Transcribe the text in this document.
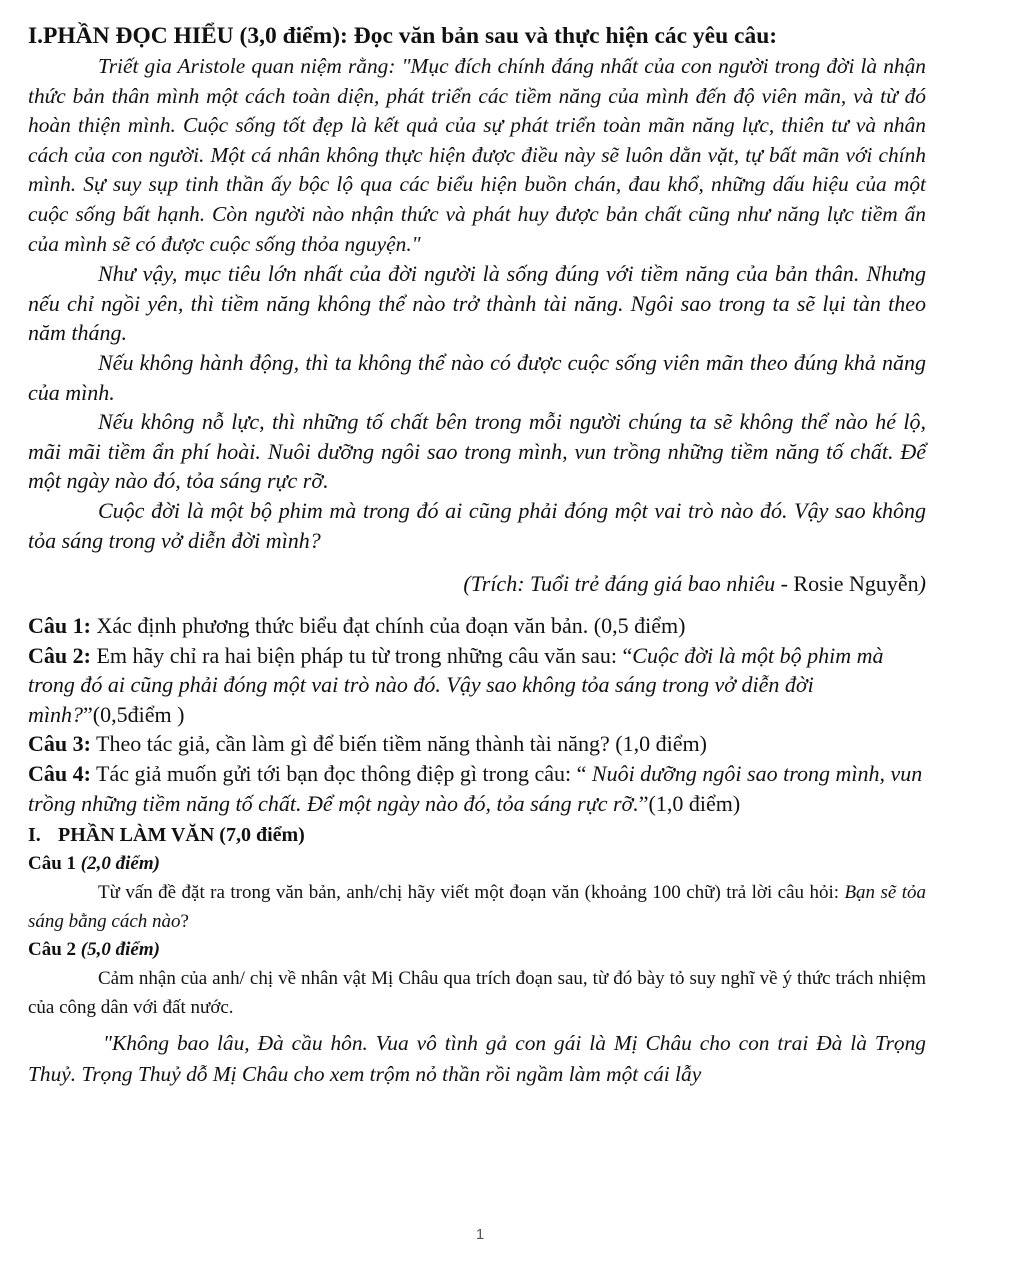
I.PHẦN ĐỌC HIỂU (3,0 điểm): Đọc văn bản sau và thực hiện các yêu câu:

Triết gia Aristole quan niệm rằng: "Mục đích chính đáng nhất của con người trong đời là nhận thức bản thân mình một cách toàn diện, phát triển các tiềm năng của mình đến độ viên mãn, và từ đó hoàn thiện mình. Cuộc sống tốt đẹp là kết quả của sự phát triển toàn mãn năng lực, thiên tư và nhân cách của con người. Một cá nhân không thực hiện được điều này sẽ luôn dằn vặt, tự bất mãn với chính mình. Sự suy sụp tinh thần ấy bộc lộ qua các biểu hiện buồn chán, đau khổ, những dấu hiệu của một cuộc sống bất hạnh. Còn người nào nhận thức và phát huy được bản chất cũng như năng lực tiềm ẩn của mình sẽ có được cuộc sống thỏa nguyện."

Như vậy, mục tiêu lớn nhất của đời người là sống đúng với tiềm năng của bản thân. Nhưng nếu chỉ ngồi yên, thì tiềm năng không thể nào trở thành tài năng. Ngôi sao trong ta sẽ lụi tàn theo năm tháng.

Nếu không hành động, thì ta không thể nào có được cuộc sống viên mãn theo đúng khả năng của mình.

Nếu không nỗ lực, thì những tố chất bên trong mỗi người chúng ta sẽ không thể nào hé lộ, mãi mãi tiềm ẩn phí hoài. Nuôi dưỡng ngôi sao trong mình, vun trồng những tiềm năng tố chất. Để một ngày nào đó, tỏa sáng rực rỡ.

Cuộc đời là một bộ phim mà trong đó ai cũng phải đóng một vai trò nào đó. Vậy sao không tỏa sáng trong vở diễn đời mình?

(Trích: Tuổi trẻ đáng giá bao nhiêu - Rosie Nguyễn)

Câu 1: Xác định phương thức biểu đạt chính của đoạn văn bản. (0,5 điểm)

Câu 2: Em hãy chỉ ra hai biện pháp tu từ trong những câu văn sau: “Cuộc đời là một bộ phim mà trong đó ai cũng phải đóng một vai trò nào đó. Vậy sao không tỏa sáng trong vở diễn đời mình?”(0,5điểm )

Câu 3: Theo tác giả, cần làm gì để biến tiềm năng thành tài năng? (1,0 điểm)

Câu 4: Tác giả muốn gửi tới bạn đọc thông điệp gì trong câu: “ Nuôi dưỡng ngôi sao trong mình, vun trồng những tiềm năng tố chất. Để một ngày nào đó, tỏa sáng rực rỡ.”(1,0 điểm)

I. PHẦN LÀM VĂN (7,0 điểm)

Câu 1 (2,0 điểm)

Từ vấn đề đặt ra trong văn bản, anh/chị hãy viết một đoạn văn (khoảng 100 chữ) trả lời câu hỏi: Bạn sẽ tỏa sáng bằng cách nào?

Câu 2 (5,0 điểm)

Cảm nhận của anh/ chị về nhân vật Mị Châu qua trích đoạn sau, từ đó bày tỏ suy nghĩ về ý thức trách nhiệm của công dân với đất nước.

"Không bao lâu, Đà cầu hôn. Vua vô tình gả con gái là Mị Châu cho con trai Đà là Trọng Thuỷ. Trọng Thuỷ dỗ Mị Châu cho xem trộm nỏ thần rồi ngầm làm một cái lẫy

1
